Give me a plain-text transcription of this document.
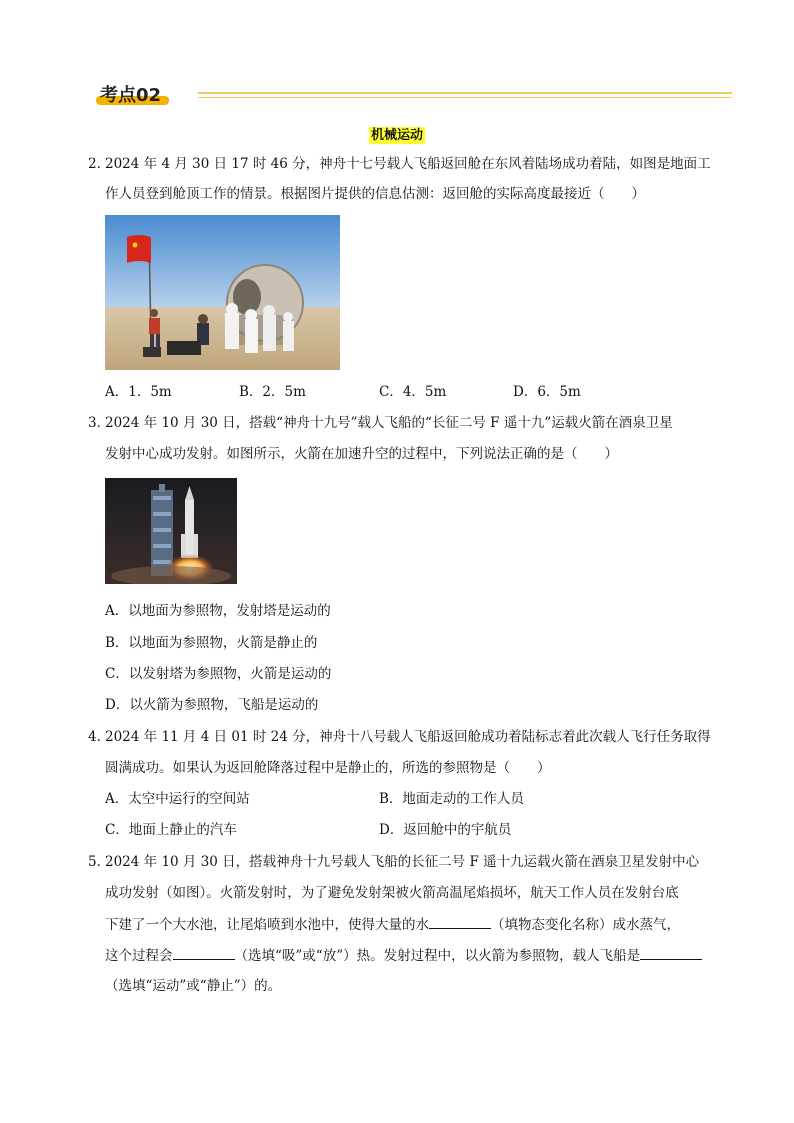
考点02
机械运动
2．
2024 年 4 月 30 日 17 时 46 分，神舟十七号载人飞船返回舱在东风着陆场成功着陆，如图是地面工
作人员登到舱顶工作的情景。根据图片提供的信息估测：返回舱的实际高度最接近（　　）
A．1．5m	B．2．5m	C．4．5m	D．6．5m
3．
2024 年 10 月 30 日，搭载“神舟十九号”载人飞船的“长征二号 F 遥十九”运载火箭在酒泉卫星
发射中心成功发射。如图所示，火箭在加速升空的过程中，下列说法正确的是（　　）
A．以地面为参照物，发射塔是运动的
B．以地面为参照物，火箭是静止的
C．以发射塔为参照物，火箭是运动的
D．以火箭为参照物，飞船是运动的
4．
2024 年 11 月 4 日 01 时 24 分，神舟十八号载人飞船返回舱成功着陆标志着此次载人飞行任务取得
圆满成功。如果认为返回舱降落过程中是静止的，所选的参照物是（　　）
A．太空中运行的空间站	B．地面走动的工作人员
C．地面上静止的汽车	D．返回舱中的宇航员
5．
2024 年 10 月 30 日，搭载神舟十九号载人飞船的长征二号 F 遥十九运载火箭在酒泉卫星发射中心
成功发射（如图）。火箭发射时，为了避免发射架被火箭高温尾焰损坏，航天工作人员在发射台底
下建了一个大水池，让尾焰喷到水池中，使得大量的水	（填物态变化名称）成水蒸气，
这个过程会	（选填“吸”或“放”）热。发射过程中，以火箭为参照物，载人飞船是
（选填“运动”或“静止”）的。
